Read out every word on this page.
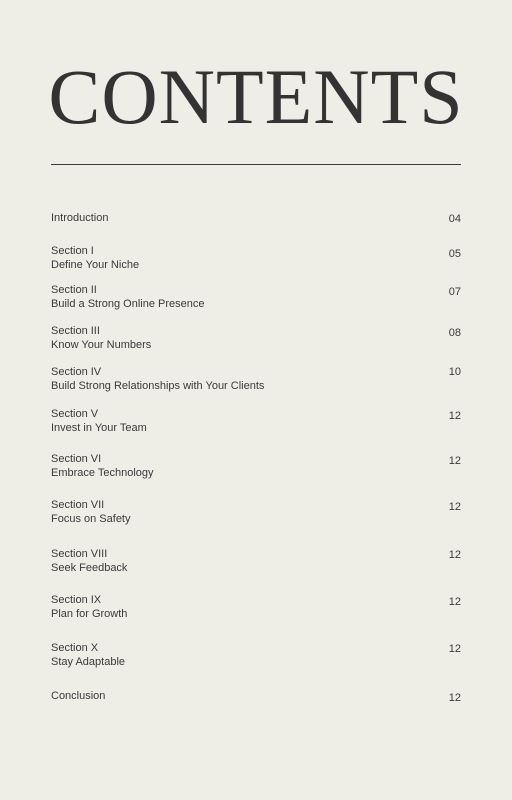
CONTENTS
Introduction	04
Section I
Define Your Niche
05
Section II
Build a Strong Online Presence
07
Section III
Know Your Numbers
08
Section IV
Build Strong Relationships with Your Clients
10
Section V
Invest in Your Team
12
Section VI
Embrace Technology
12
Section VII
Focus on Safety
12
Section VIII
Seek Feedback
12
Section IX
Plan for Growth
12
Section X
Stay Adaptable
12
Conclusion	12
